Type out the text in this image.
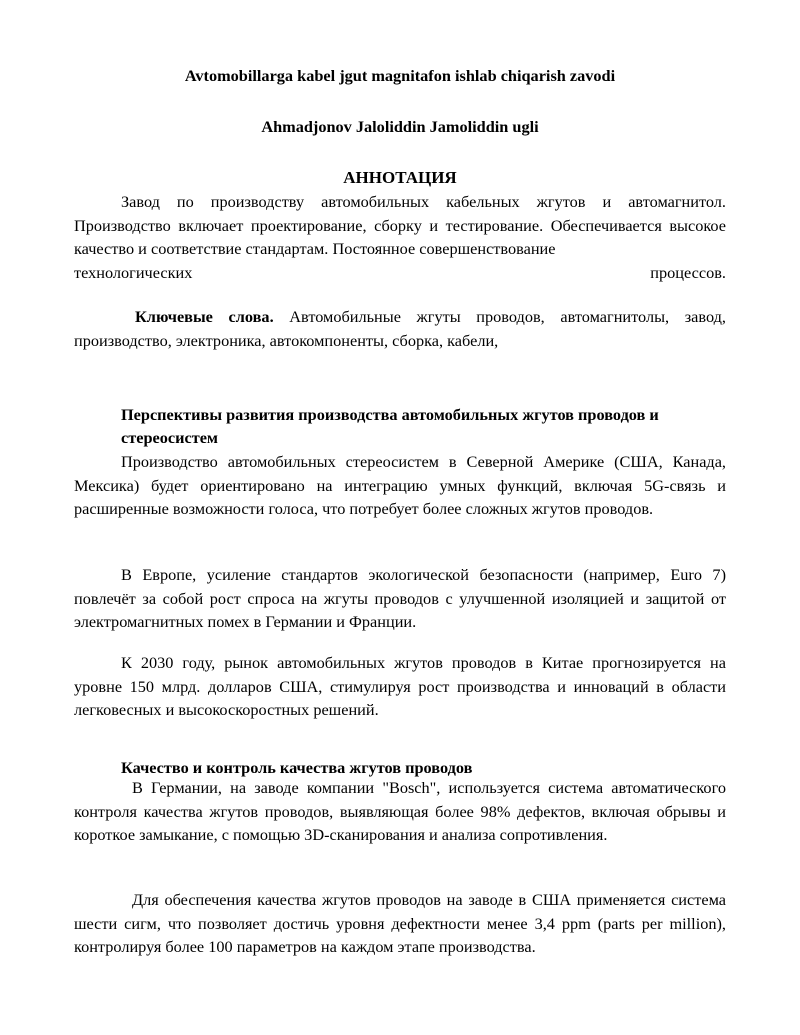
Avtomobillarga kabel jgut magnitafon ishlab chiqarish zavodi
Ahmadjonov Jaloliddin Jamoliddin ugli
АННОТАЦИЯ
Завод по производству автомобильных кабельных жгутов и автомагнитол. Производство включает проектирование, сборку и тестирование. Обеспечивается высокое качество и соответствие стандартам. Постоянное совершенствование
технологических	процессов.

Ключевые слова. Автомобильные жгуты проводов, автомагнитолы, завод, производство, электроника, автокомпоненты, сборка, кабели,

Перспективы развития производства автомобильных жгутов проводов и стереосистем

Производство автомобильных стереосистем в Северной Америке (США, Канада, Мексика) будет ориентировано на интеграцию умных функций, включая 5G-связь и расширенные возможности голоса, что потребует более сложных жгутов проводов.

В Европе, усиление стандартов экологической безопасности (например, Euro 7) повлечёт за собой рост спроса на жгуты проводов с улучшенной изоляцией и защитой от электромагнитных помех в Германии и Франции.

К 2030 году, рынок автомобильных жгутов проводов в Китае прогнозируется на уровне 150 млрд. долларов США, стимулируя рост производства и инноваций в области легковесных и высокоскоростных решений.

Качество и контроль качества жгутов проводов

В Германии, на заводе компании "Bosch", используется система автоматического контроля качества жгутов проводов, выявляющая более 98% дефектов, включая обрывы и короткое замыкание, с помощью 3D-сканирования и анализа сопротивления.

Для обеспечения качества жгутов проводов на заводе в США применяется система шести сигм, что позволяет достичь уровня дефектности менее 3,4 ppm (parts per million), контролируя более 100 параметров на каждом этапе производства.
